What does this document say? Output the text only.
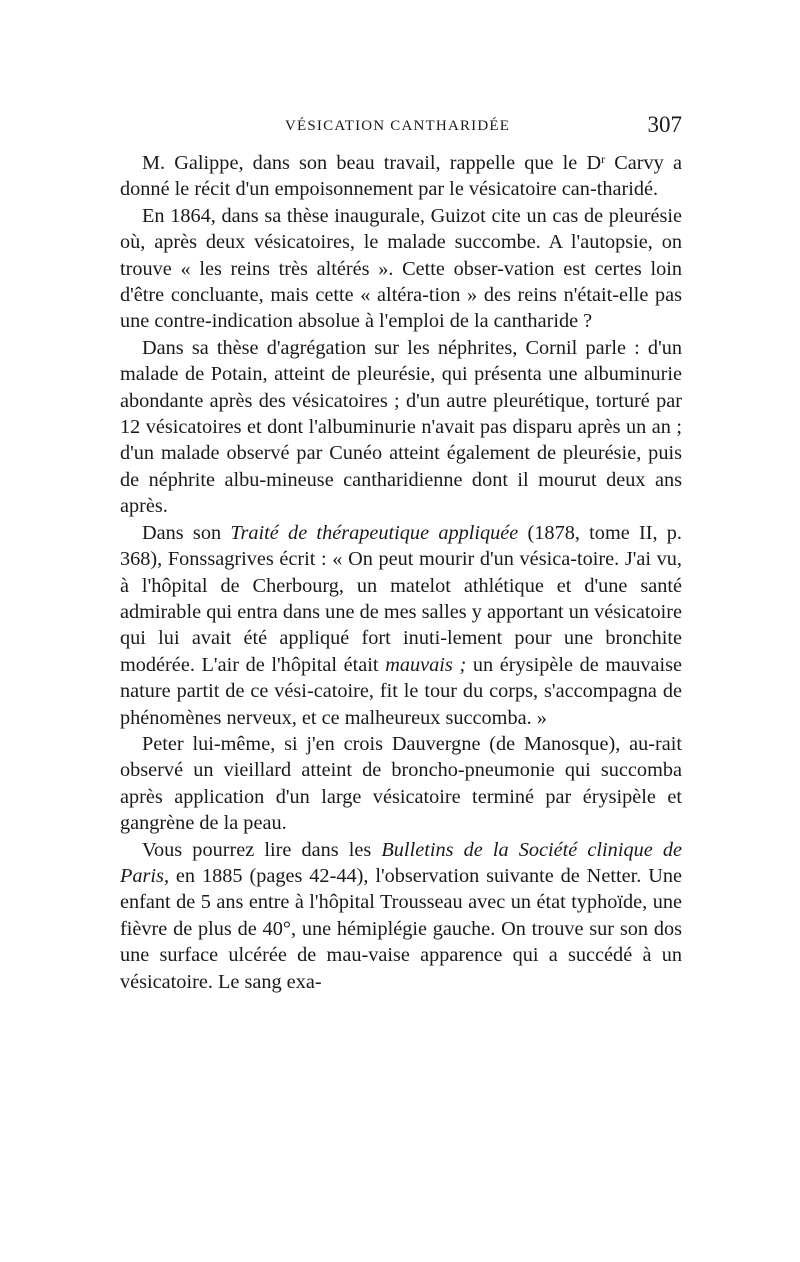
VÉSICATION CANTHARIDÉE	307

M. Galippe, dans son beau travail, rappelle que le $D^r$ Carvy a donné le récit d'un empoisonnement par le vésicatoire can-tharidé.

En 1864, dans sa thèse inaugurale, Guizot cite un cas de pleurésie où, après deux vésicatoires, le malade succombe. A l'autopsie, on trouve « les reins très altérés ». Cette obser-vation est certes loin d'être concluante, mais cette « altéra-tion » des reins n'était-elle pas une contre-indication absolue à l'emploi de la cantharide ?

Dans sa thèse d'agrégation sur les néphrites, Cornil parle : d'un malade de Potain, atteint de pleurésie, qui présenta une albuminurie abondante après des vésicatoires ; d'un autre pleurétique, torturé par 12 vésicatoires et dont l'albuminurie n'avait pas disparu après un an ; d'un malade observé par Cunéo atteint également de pleurésie, puis de néphrite albu-mineuse cantharidienne dont il mourut deux ans après.

Dans son Traité de thérapeutique appliquée (1878, tome II, p. 368), Fonssagrives écrit : « On peut mourir d'un vésica-toire. J'ai vu, à l'hôpital de Cherbourg, un matelot athlétique et d'une santé admirable qui entra dans une de mes salles y apportant un vésicatoire qui lui avait été appliqué fort inuti-lement pour une bronchite modérée. L'air de l'hôpital était mauvais ; un érysipèle de mauvaise nature partit de ce vési-catoire, fit le tour du corps, s'accompagna de phénomènes nerveux, et ce malheureux succomba. »

Peter lui-même, si j'en crois Dauvergne (de Manosque), au-rait observé un vieillard atteint de broncho-pneumonie qui succomba après application d'un large vésicatoire terminé par érysipèle et gangrène de la peau.

Vous pourrez lire dans les Bulletins de la Société clinique de Paris, en 1885 (pages 42-44), l'observation suivante de Netter. Une enfant de 5 ans entre à l'hôpital Trousseau avec un état typhoïde, une fièvre de plus de 40°, une hémiplégie gauche. On trouve sur son dos une surface ulcérée de mau-vaise apparence qui a succédé à un vésicatoire. Le sang exa-
